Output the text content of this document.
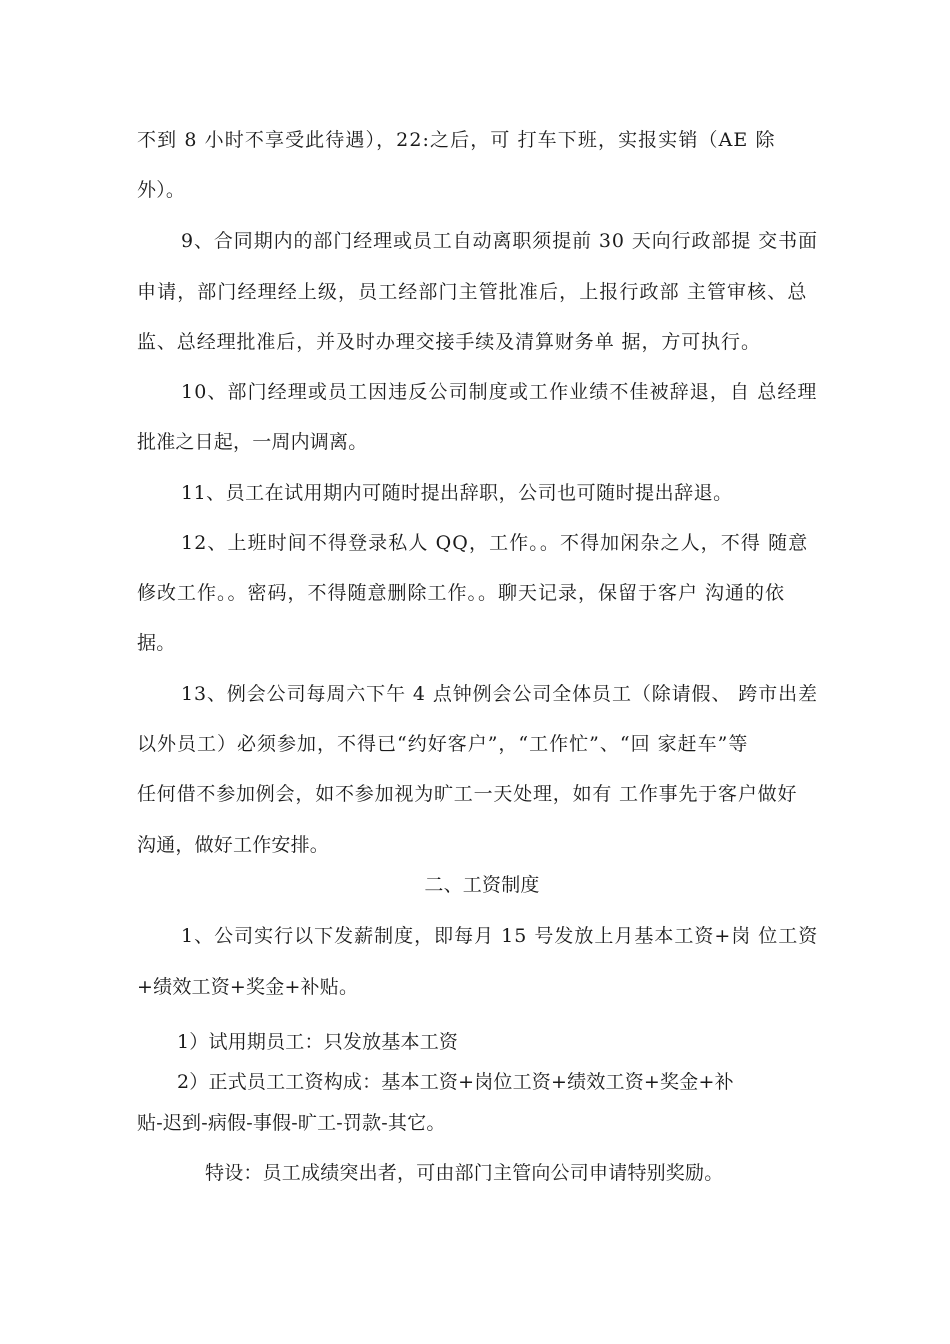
不到 8 小时不享受此待遇），22:之后，可 打车下班，实报实销（AE 除
外）。
9、合同期内的部门经理或员工自动离职须提前 30 天向行政部提 交书面
申请，部门经理经上级，员工经部门主管批准后，上报行政部 主管审核、总
监、总经理批准后，并及时办理交接手续及清算财务单 据，方可执行。
10、部门经理或员工因违反公司制度或工作业绩不佳被辞退，自 总经理
批准之日起，一周内调离。
11、员工在试用期内可随时提出辞职，公司也可随时提出辞退。
12、上班时间不得登录私人 QQ，工作。。不得加闲杂之人，不得 随意
修改工作。。密码，不得随意删除工作。。聊天记录，保留于客户 沟通的依
据。
13、例会公司每周六下午 4 点钟例会公司全体员工（除请假、 跨市出差
以外员工）必须参加，不得已“约好客户”，“工作忙”、“回 家赶车”等
任何借不参加例会，如不参加视为旷工一天处理，如有 工作事先于客户做好
沟通，做好工作安排。
二、工资制度
1、公司实行以下发薪制度，即每月 15 号发放上月基本工资+岗 位工资
+绩效工资+奖金+补贴。
1）试用期员工：只发放基本工资
2）正式员工工资构成：基本工资+岗位工资+绩效工资+奖金+补
贴-迟到-病假-事假-旷工-罚款-其它。
特设：员工成绩突出者，可由部门主管向公司申请特别奖励。
